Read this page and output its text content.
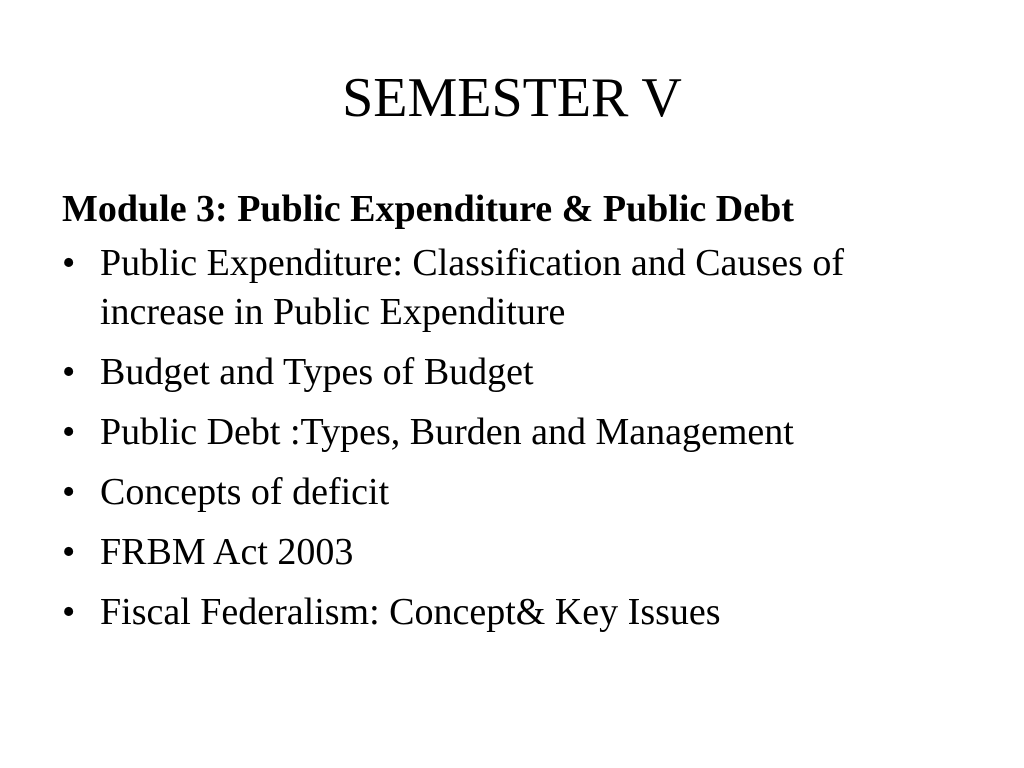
SEMESTER V

Module 3: Public Expenditure & Public Debt

• Public Expenditure: Classification and Causes of increase in Public Expenditure
• Budget and Types of Budget
• Public Debt :Types, Burden and Management
• Concepts of deficit
• FRBM Act 2003
• Fiscal Federalism: Concept& Key Issues
